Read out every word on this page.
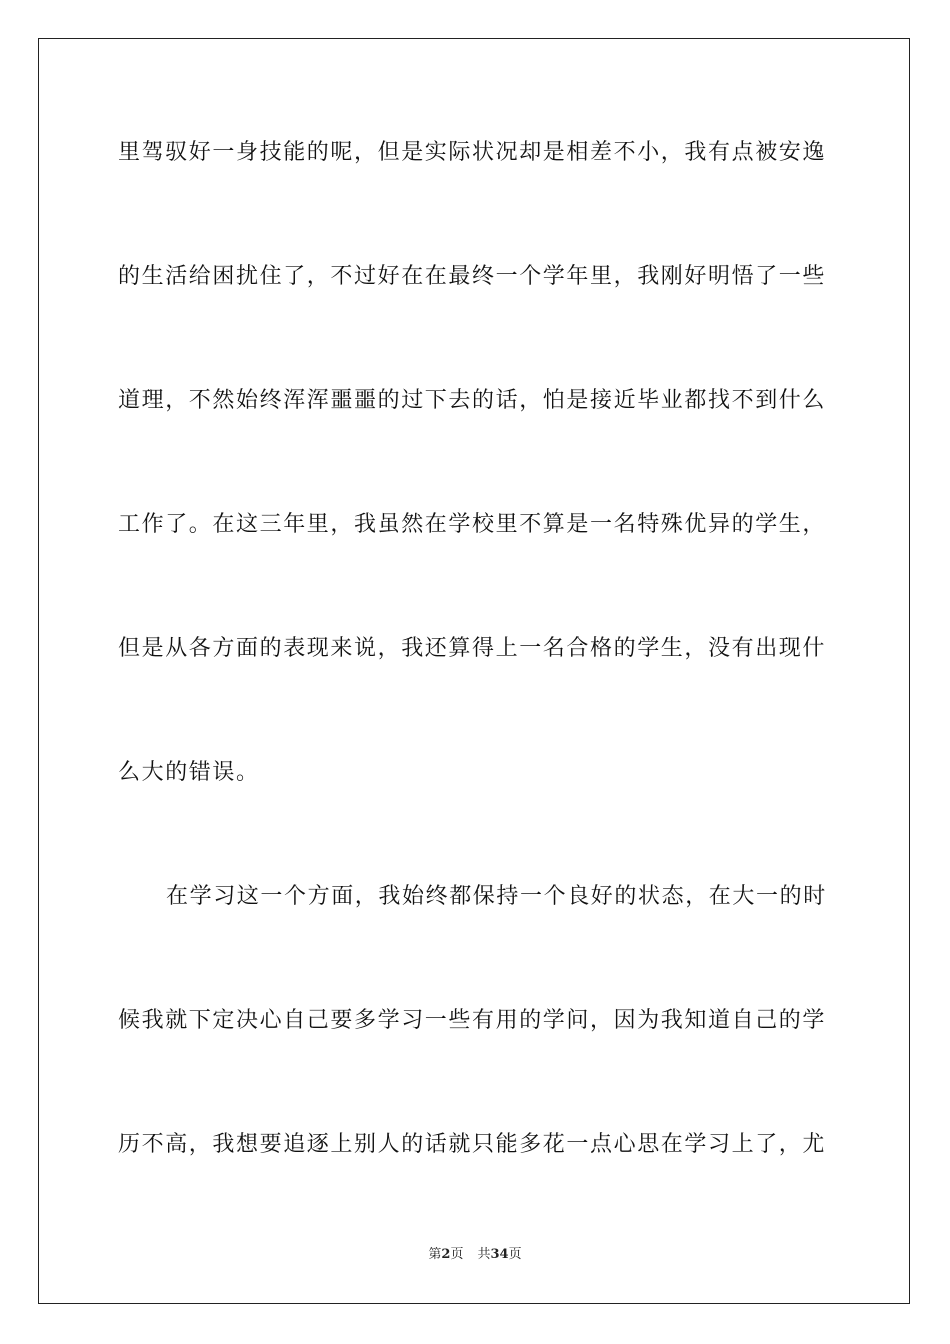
里驾驭好一身技能的呢，但是实际状况却是相差不小，我有点被安逸
的生活给困扰住了，不过好在在最终一个学年里，我刚好明悟了一些
道理，不然始终浑浑噩噩的过下去的话，怕是接近毕业都找不到什么
工作了。在这三年里，我虽然在学校里不算是一名特殊优异的学生，
但是从各方面的表现来说，我还算得上一名合格的学生，没有出现什
么大的错误。
在学习这一个方面，我始终都保持一个良好的状态，在大一的时
候我就下定决心自己要多学习一些有用的学问，因为我知道自己的学
历不高，我想要追逐上别人的话就只能多花一点心思在学习上了，尤
第2页 共34页
